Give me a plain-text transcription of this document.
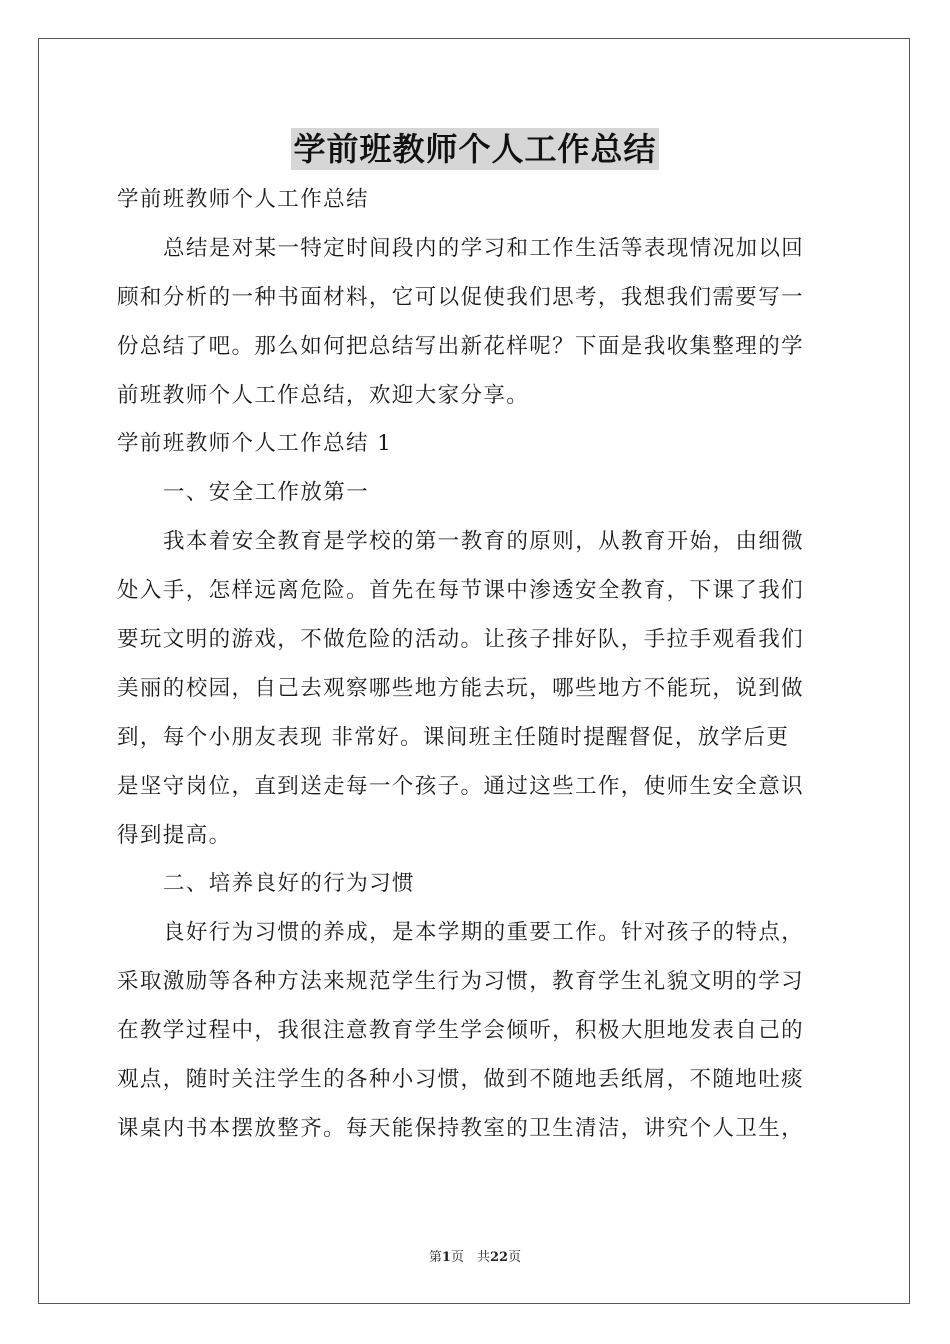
学前班教师个人工作总结
学前班教师个人工作总结
总结是对某一特定时间段内的学习和工作生活等表现情况加以回
顾和分析的一种书面材料，它可以促使我们思考，我想我们需要写一
份总结了吧。那么如何把总结写出新花样呢？下面是我收集整理的学
前班教师个人工作总结，欢迎大家分享。
学前班教师个人工作总结 1
一、安全工作放第一
我本着安全教育是学校的第一教育的原则，从教育开始，由细微
处入手，怎样远离危险。首先在每节课中渗透安全教育，下课了我们
要玩文明的游戏，不做危险的活动。让孩子排好队，手拉手观看我们
美丽的校园，自己去观察哪些地方能去玩，哪些地方不能玩，说到做
到，每个小朋友表现 非常好。课间班主任随时提醒督促，放学后更
是坚守岗位，直到送走每一个孩子。通过这些工作，使师生安全意识
得到提高。
二、培养良好的行为习惯
良好行为习惯的养成，是本学期的重要工作。针对孩子的特点，
采取激励等各种方法来规范学生行为习惯，教育学生礼貌文明的学习
在教学过程中，我很注意教育学生学会倾听，积极大胆地发表自己的
观点，随时关注学生的各种小习惯，做到不随地丢纸屑，不随地吐痰
课桌内书本摆放整齐。每天能保持教室的卫生清洁，讲究个人卫生，
第1页　共22页
